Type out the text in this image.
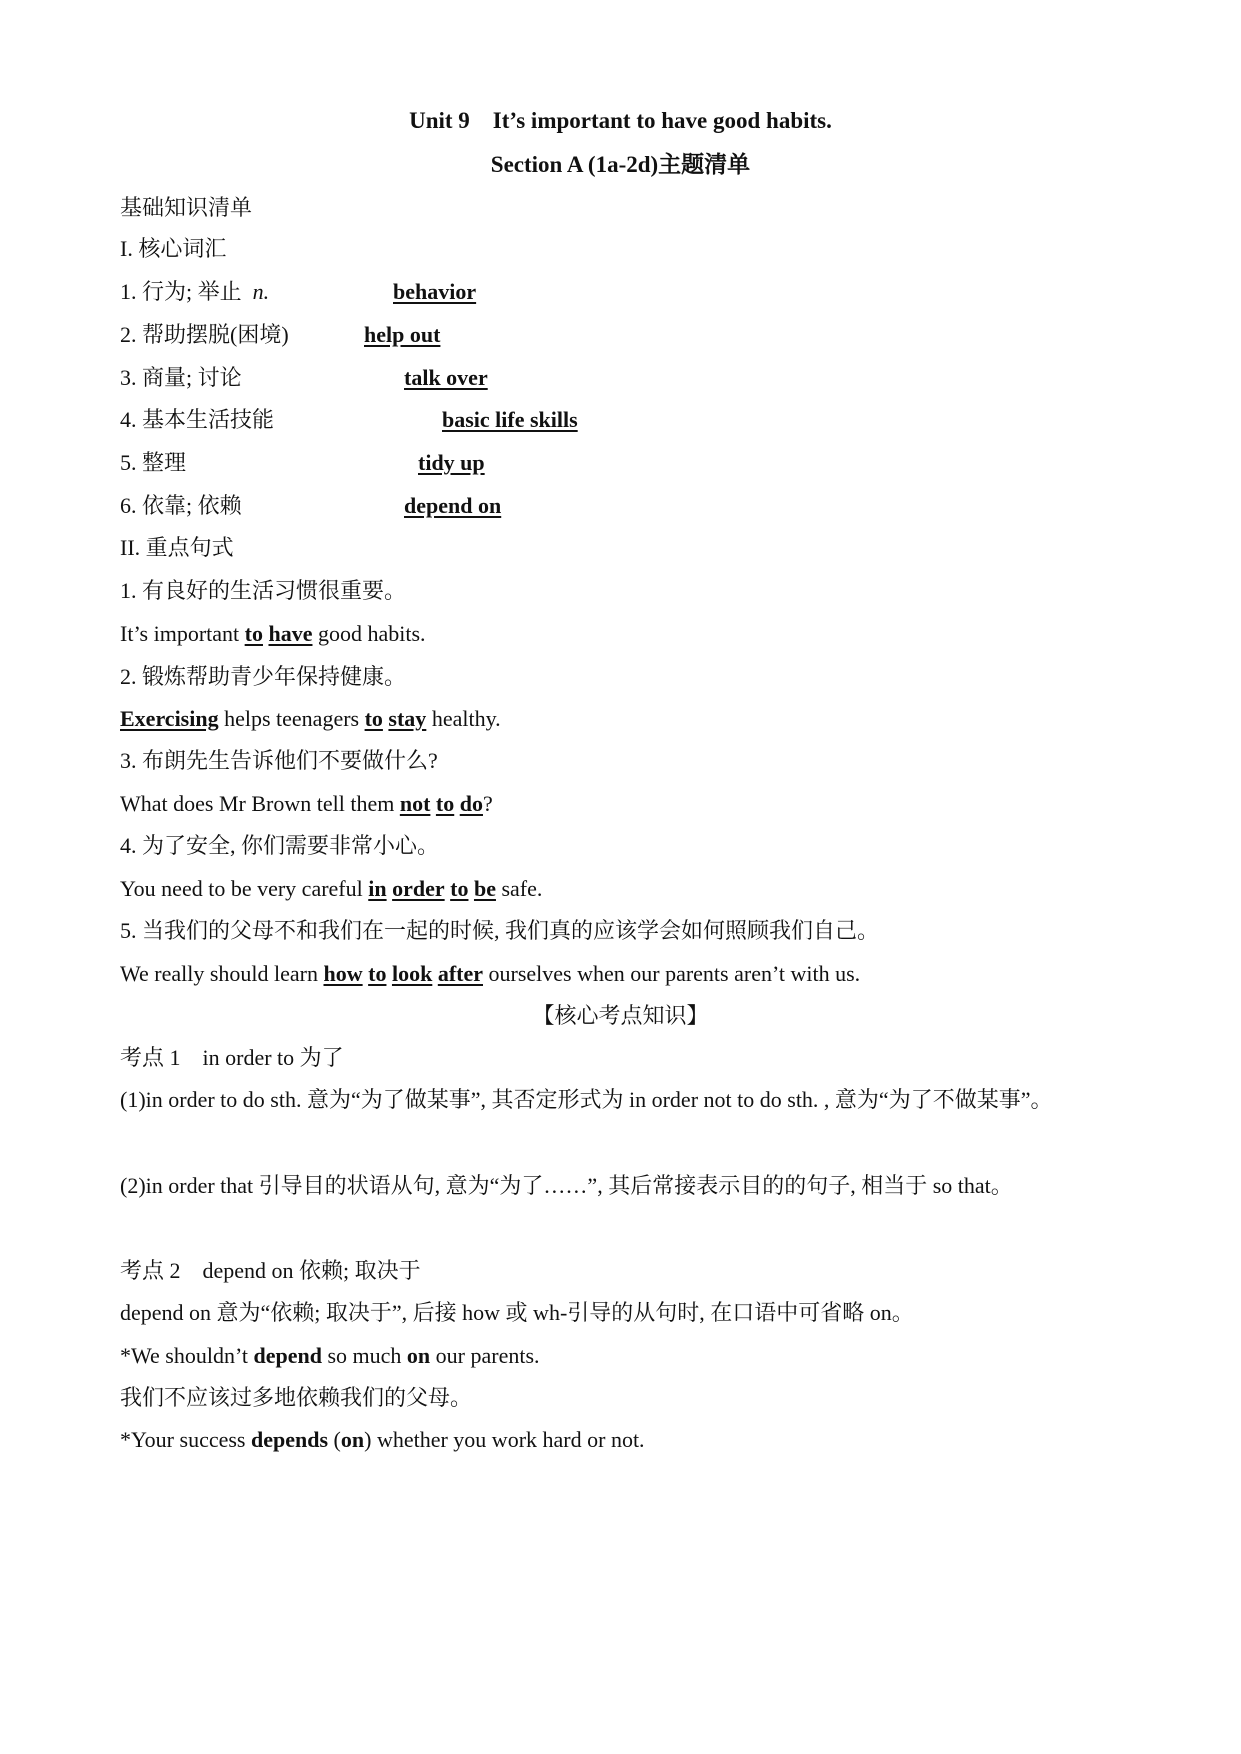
Unit 9　It’s important to have good habits.
Section A (1a-2d)主题清单
基础知识清单
I. 核心词汇
1. 行为; 举止 n.	behavior
2. 帮助摆脱(困境)	help out
3. 商量; 讨论	talk over
4. 基本生活技能	basic life skills
5. 整理	tidy up
6. 依靠; 依赖	depend on
II. 重点句式
1. 有良好的生活习惯很重要。
It’s important to have good habits.
2. 锻炼帮助青少年保持健康。
Exercising helps teenagers to stay healthy.
3. 布朗先生告诉他们不要做什么?
What does Mr Brown tell them not to do?
4. 为了安全, 你们需要非常小心。
You need to be very careful in order to be safe.
5. 当我们的父母不和我们在一起的时候, 我们真的应该学会如何照顾我们自己。
We really should learn how to look after ourselves when our parents aren’t with us.
【核心考点知识】
考点 1　in order to 为了
(1)in order to do sth. 意为“为了做某事”, 其否定形式为 in order not to do sth. , 意为“为了不做某事”。
(2)in order that 引导目的状语从句, 意为“为了……”, 其后常接表示目的的句子, 相当于 so that。
考点 2　depend on 依赖; 取决于
depend on 意为“依赖; 取决于”, 后接 how 或 wh-引导的从句时, 在口语中可省略 on。
*We shouldn’t depend so much on our parents.
我们不应该过多地依赖我们的父母。
*Your success depends (on) whether you work hard or not.
